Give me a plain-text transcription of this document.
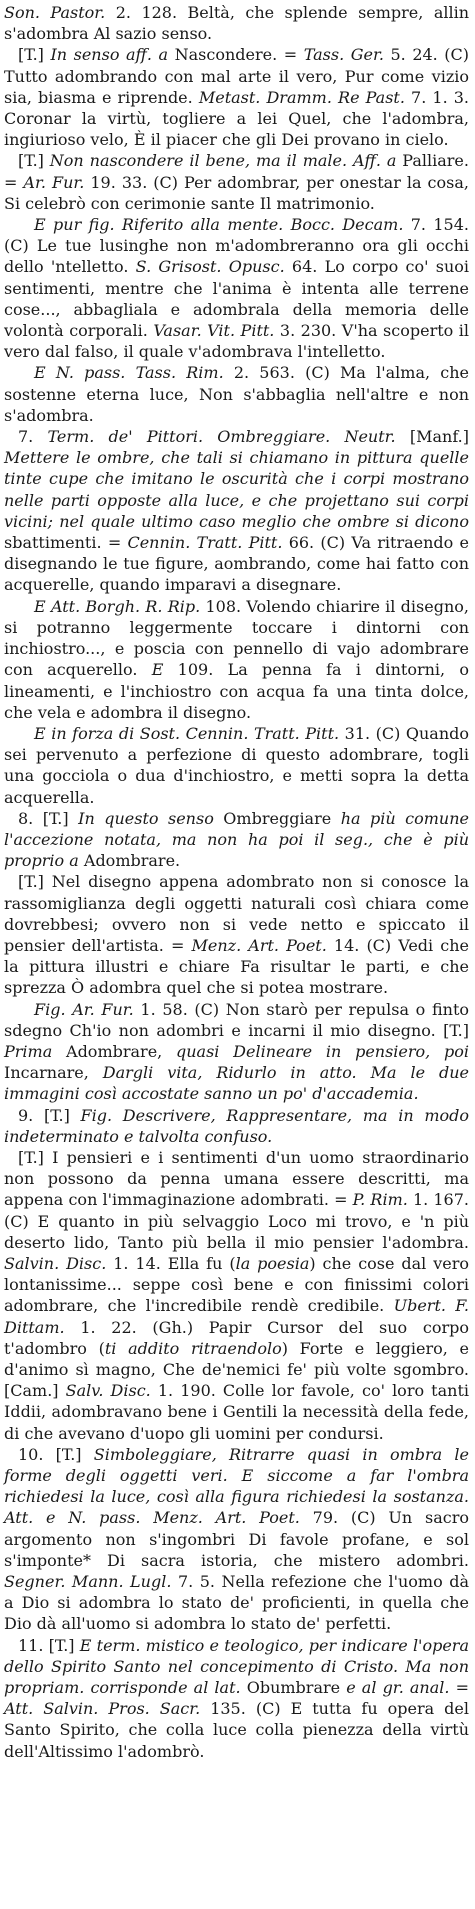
Son. Pastor. 2. 128. Beltà, che splende sempre, allin s'adombra Al sazio senso.

[T.] In senso aff. a Nascondere. = Tass. Ger. 5. 24. (C) Tutto adombrando con mal arte il vero, Pur come vizio sia, biasma e riprende. Metast. Dramm. Re Past. 7. 1. 3. Coronar la virtù, togliere a lei Quel, che l'adombra, ingiurioso velo, È il piacer che gli Dei provano in cielo.

[T.] Non nascondere il bene, ma il male. Aff. a Palliare. = Ar. Fur. 19. 33. (C) Per adombrar, per onestar la cosa, Si celebrò con cerimonie sante Il matrimonio.

E pur fig. Riferito alla mente. Bocc. Decam. 7. 154. (C) Le tue lusinghe non m'adombreranno ora gli occhi dello 'ntelletto. S. Grisost. Opusc. 64. Lo corpo co' suoi sentimenti, mentre che l'anima è intenta alle terrene cose..., abbagliala e adombrala della memoria delle volontà corporali. Vasar. Vit. Pitt. 3. 230. V'ha scoperto il vero dal falso, il quale v'adombrava l'intelletto.

E N. pass. Tass. Rim. 2. 563. (C) Ma l'alma, che sostenne eterna luce, Non s'abbaglia nell'altre e non s'adombra.

7. Term. de' Pittori. Ombreggiare. Neutr. [Manf.] Mettere le ombre, che tali si chiamano in pittura quelle tinte cupe che imitano le oscurità che i corpi mostrano nelle parti opposte alla luce, e che projettano sui corpi vicini; nel quale ultimo caso meglio che ombre si dicono sbattimenti. = Cennin. Tratt. Pitt. 66. (C) Va ritraendo e disegnando le tue figure, aombrando, come hai fatto con acquerelle, quando imparavi a disegnare.

E Att. Borgh. R. Rip. 108. Volendo chiarire il disegno, si potranno leggermente toccare i dintorni con inchiostro..., e poscia con pennello di vajo adombrare con acquerello. E 109. La penna fa i dintorni, o lineamenti, e l'inchiostro con acqua fa una tinta dolce, che vela e adombra il disegno.

E in forza di Sost. Cennin. Tratt. Pitt. 31. (C) Quando sei pervenuto a perfezione di questo adombrare, togli una gocciola o dua d'inchiostro, e metti sopra la detta acquerella.

8. [T.] In questo senso Ombreggiare ha più comune l'accezione notata, ma non ha poi il seg., che è più proprio a Adombrare.

[T.] Nel disegno appena adombrato non si conosce la rassomiglianza degli oggetti naturali così chiara come dovrebbesi; ovvero non si vede netto e spiccato il pensier dell'artista. = Menz. Art. Poet. 14. (C) Vedi che la pittura illustri e chiare Fa risultar le parti, e che sprezza Ò adombra quel che si potea mostrare.

Fig. Ar. Fur. 1. 58. (C) Non starò per repulsa o finto sdegno Ch'io non adombri e incarni il mio disegno. [T.] Prima Adombrare, quasi Delineare in pensiero, poi Incarnare, Dargli vita, Ridurlo in atto. Ma le due immagini così accostate sanno un po' d'accademia.

9. [T.] Fig. Descrivere, Rappresentare, ma in modo indeterminato e talvolta confuso.

[T.] I pensieri e i sentimenti d'un uomo straordinario non possono da penna umana essere descritti, ma appena con l'immaginazione adombrati. = P. Rim. 1. 167. (C) E quanto in più selvaggio Loco mi trovo, e 'n più deserto lido, Tanto più bella il mio pensier l'adombra. Salvin. Disc. 1. 14. Ella fu (la poesia) che cose dal vero lontanissime... seppe così bene e con finissimi colori adombrare, che l'incredibile rendè credibile. Ubert. F. Dittam. 1. 22. (Gh.) Papir Cursor del suo corpo t'adombro (ti addito ritraendolo) Forte e leggiero, e d'animo sì magno, Che de'nemici fe' più volte sgombro. [Cam.] Salv. Disc. 1. 190. Colle lor favole, co' loro tanti Iddii, adombravano bene i Gentili la necessità della fede, di che avevano d'uopo gli uomini per condursi.

10. [T.] Simboleggiare, Ritrarre quasi in ombra le forme degli oggetti veri. E siccome a far l'ombra richiedesi la luce, così alla figura richiedesi la sostanza. Att. e N. pass. Menz. Art. Poet. 79. (C) Un sacro argomento non s'ingombri Di favole profane, e sol s'imponte* Di sacra istoria, che mistero adombri. Segner. Mann. Lugl. 7. 5. Nella refezione che l'uomo dà a Dio si adombra lo stato de' proficienti, in quella che Dio dà all'uomo si adombra lo stato de' perfetti.

11. [T.] E term. mistico e teologico, per indicare l'opera dello Spirito Santo nel concepimento di Cristo. Ma non propriam. corrisponde al lat. Obumbrare e al gr. anal. = Att. Salvin. Pros. Sacr. 135. (C) E tutta fu opera del Santo Spirito, che colla luce colla pienezza della virtù dell'Altissimo l'adombrò.
